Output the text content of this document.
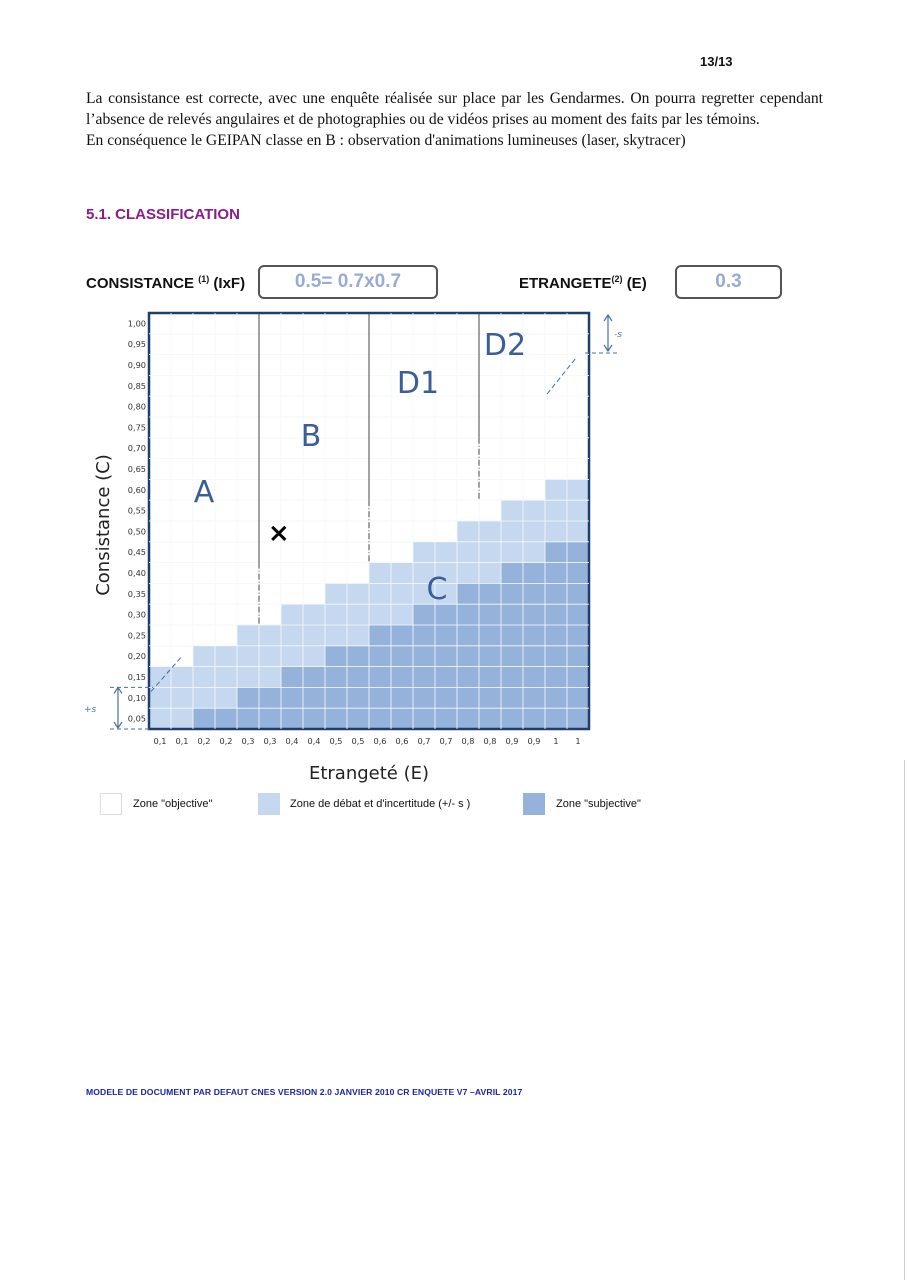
13/13

La consistance est correcte, avec une enquête réalisée sur place par les Gendarmes. On pourra regretter cependant l’absence de relevés angulaires et de photographies ou de vidéos prises au moment des faits par les témoins.

En conséquence le GEIPAN classe en B : observation d'animations lumineuses (laser, skytracer)

5.1. CLASSIFICATION
CONSISTANCE $^{(1)}$ (IxF)	0.5= 0.7x0.7	ETRANGETE$^{(2)}$ (E)	0.3
0,05
0,10
0,15
0,20
0,25
0,30
0,35
0,40
0,45
0,50
0,55
0,60
0,65
0,70
0,75
0,80
0,85
0,90
0,95
1,00
0,1 0,1 0,2 0,2 0,3 0,3 0,4 0,4 0,5 0,5 0,6 0,6 0,7 0,7 0,8 0,8 0,9 0,9 1 1
A
B
C
D1
D2
×
-s
+s
Consistance (C)
Etrangeté (E)
Zone "objective"	Zone de débat et d'incertitude (+/- s )	Zone "subjective"
MODELE DE DOCUMENT PAR DEFAUT CNES VERSION 2.0 JANVIER 2010 CR ENQUETE V7 –AVRIL 2017
